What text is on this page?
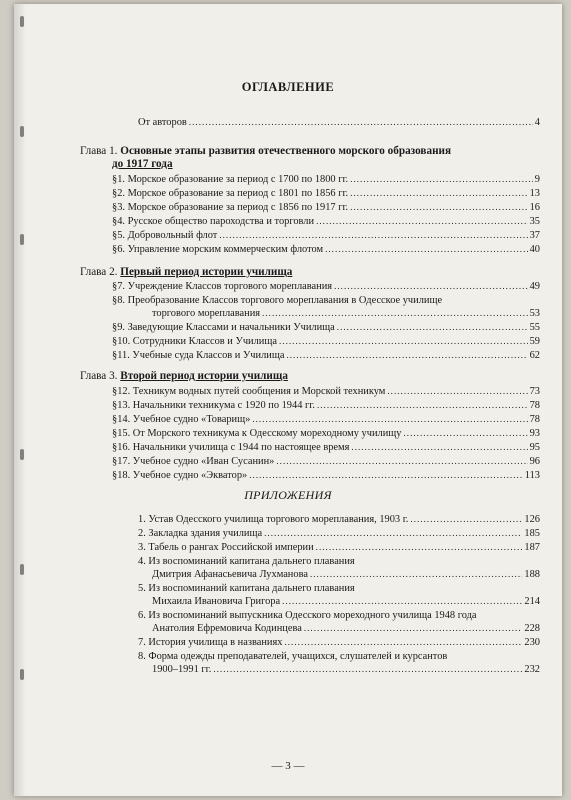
ОГЛАВЛЕНИЕ
От авторов . . .	4
Глава 1. Основные этапы развития отечественного морского образования
до 1917 года
§1. Морское образование за период с 1700 по 1800 гг. . . .	9
§2. Морское образование за период с 1801 по 1856 гг. . . .	13
§3. Морское образование за период с 1856 по 1917 гг. . . .	16
§4. Русское общество пароходства и торговли . . .	35
§5. Добровольный флот . . .	37
§6. Управление морским коммерческим флотом . . .	40
Глава 2. Первый период истории училища
§7. Учреждение Классов торгового мореплавания . . .	49
§8. Преобразование Классов торгового мореплавания в Одесское училище
торгового мореплавания . . .	53
§9. Заведующие Классами и начальники Училища . . .	55
§10. Сотрудники Классов и Училища . . .	59
§11. Учебные суда Классов и Училища . . .	62
Глава 3. Второй период истории училища
§12. Техникум водных путей сообщения и Морской техникум . . .	73
§13. Начальники техникума с 1920 по 1944 гг. . . .	78
§14. Учебное судно «Товарищ» . . .	78
§15. От Морского техникума к Одесскому мореходному училищу . . .	93
§16. Начальники училища с 1944 по настоящее время . . .	95
§17. Учебное судно «Иван Сусанин» . . .	96
§18. Учебное судно «Экватор» . . .	113
1. Устав Одесского училища торгового мореплавания, 1903 г. . . .	126
2. Закладка здания училища . . .	185
3. Табель о рангах Российской империи . . .	187
4. Из воспоминаний капитана дальнего плавания
Дмитрия Афанасьевича Лухманова . . .	188
5. Из воспоминаний капитана дальнего плавания
Михаила Ивановича Григора . . .	214
6. Из воспоминаний выпускника Одесского мореходного училища 1948 года
Анатолия Ефремовича Кодинцева . . .	228
7. История училища в названиях . . .	230
8. Форма одежды преподавателей, учащихся, слушателей и курсантов
1900–1991 гг. . . .	232
ПРИЛОЖЕНИЯ
— 3 —
